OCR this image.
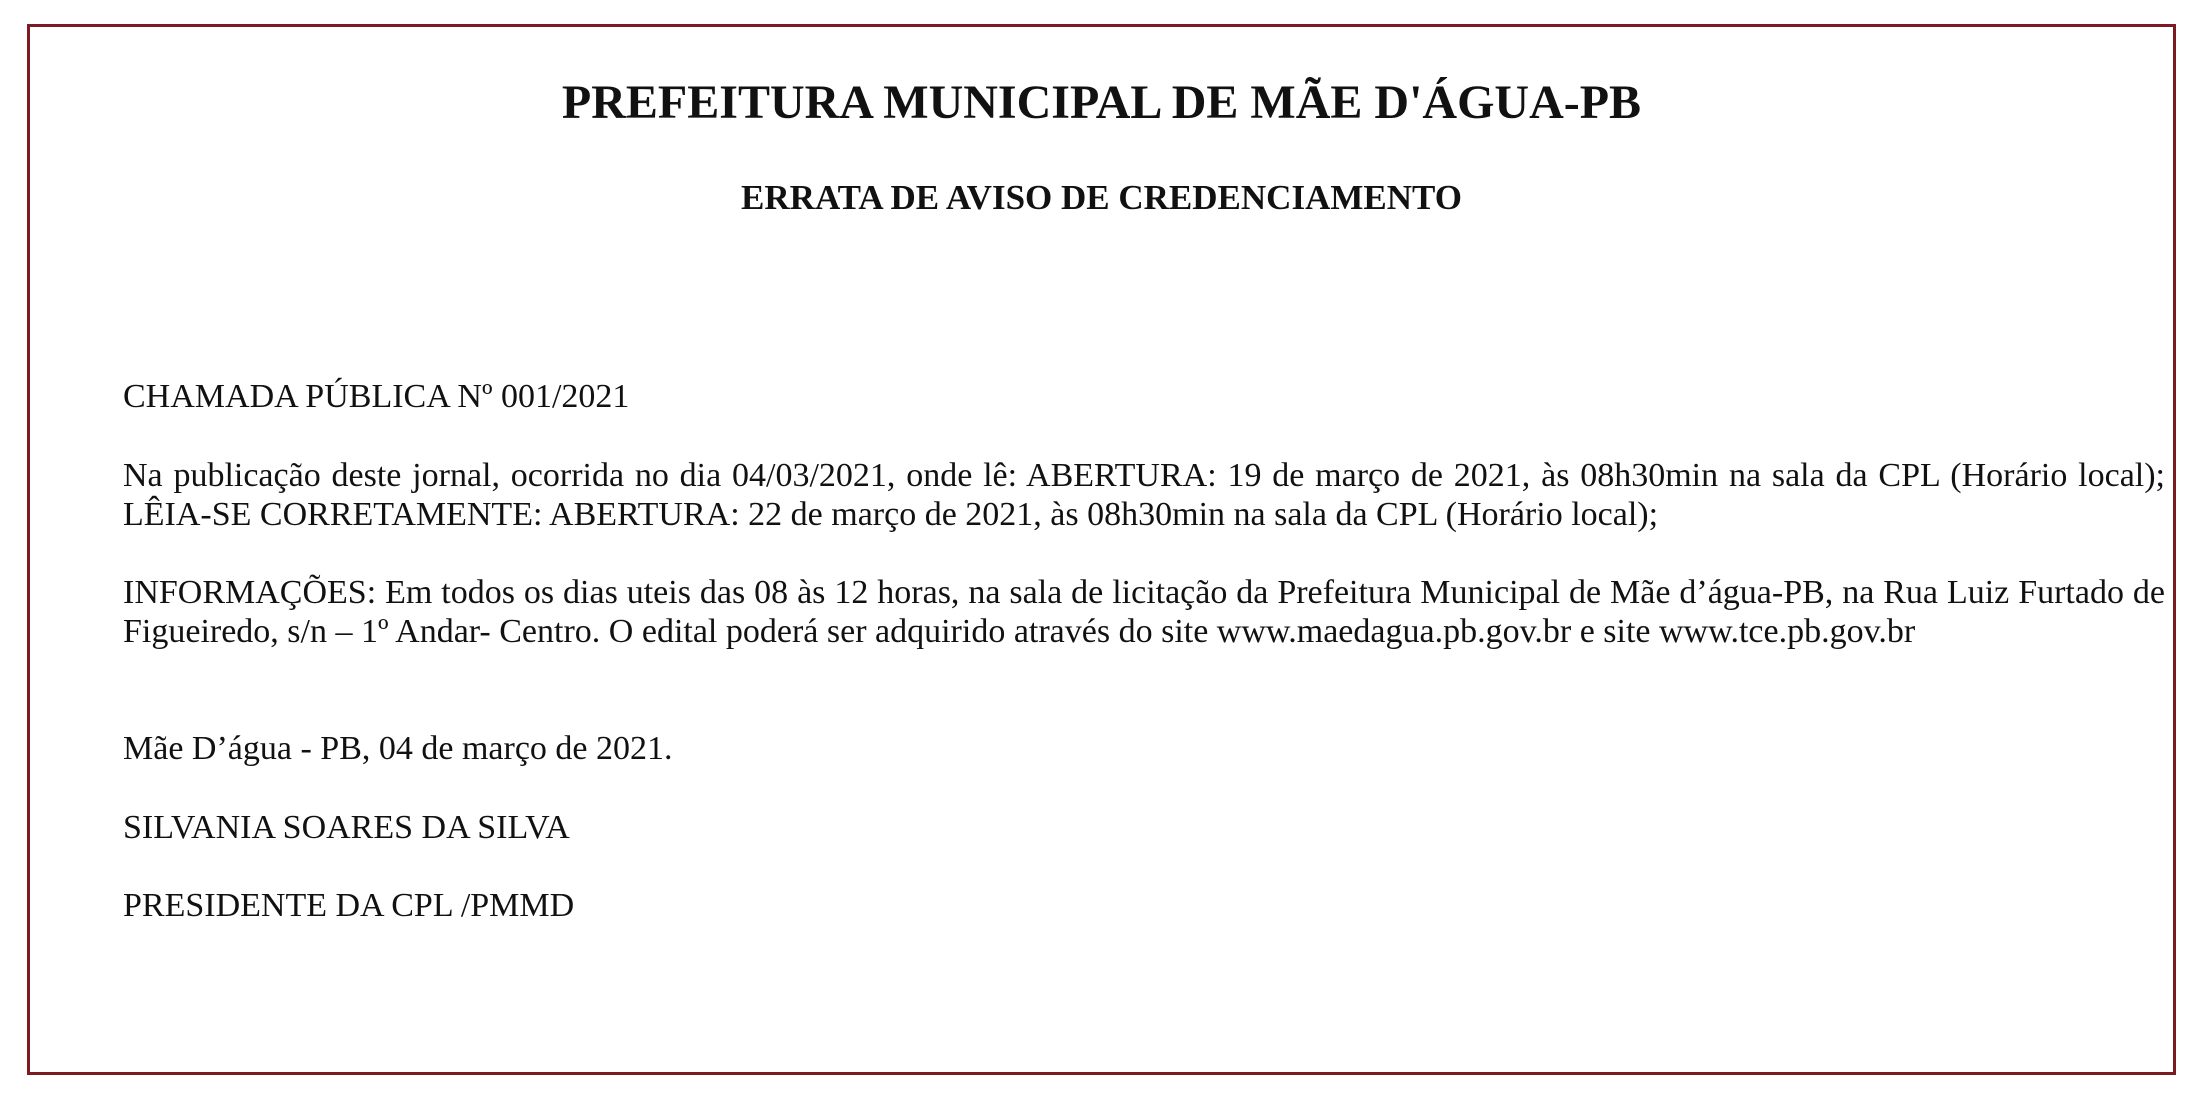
PREFEITURA MUNICIPAL DE MÃE D'ÁGUA-PB
ERRATA DE AVISO DE CREDENCIAMENTO

CHAMADA PÚBLICA Nº 001/2021

Na publicação deste jornal, ocorrida no dia 04/03/2021, onde lê: ABERTURA: 19 de março de 2021, às 08h30min na sala da CPL (Horário local); LÊIA-SE CORRETAMENTE: ABERTURA: 22 de março de 2021, às 08h30min na sala da CPL (Horário local);

INFORMAÇÕES: Em todos os dias uteis das 08 às 12 horas, na sala de licitação da Prefeitura Municipal de Mãe d’água-PB, na Rua Luiz Furtado de Figueiredo, s/n – 1º Andar- Centro. O edital poderá ser adquirido através do site www.maedagua.pb.gov.br e site www.tce.pb.gov.br

Mãe D’água - PB, 04 de março de 2021.

SILVANIA SOARES DA SILVA

PRESIDENTE DA CPL /PMMD
